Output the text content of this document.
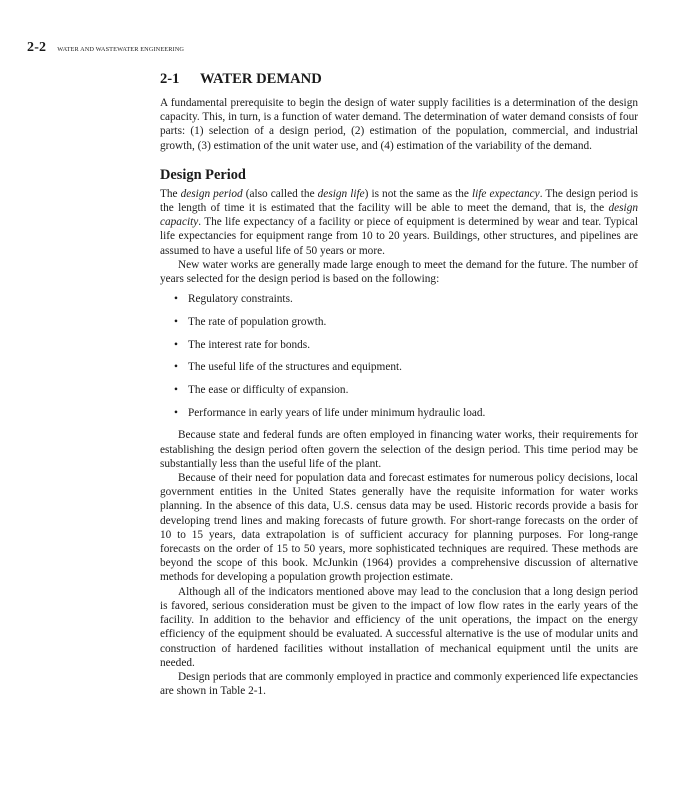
2-2 WATER AND WASTEWATER ENGINEERING
2-1 WATER DEMAND

A fundamental prerequisite to begin the design of water supply facilities is a determination of the design capacity. This, in turn, is a function of water demand. The determination of water demand consists of four parts: (1) selection of a design period, (2) estimation of the population, commercial, and industrial growth, (3) estimation of the unit water use, and (4) estimation of the variability of the demand.

Design Period

The design period (also called the design life) is not the same as the life expectancy. The design period is the length of time it is estimated that the facility will be able to meet the demand, that is, the design capacity. The life expectancy of a facility or piece of equipment is determined by wear and tear. Typical life expectancies for equipment range from 10 to 20 years. Buildings, other structures, and pipelines are assumed to have a useful life of 50 years or more.

New water works are generally made large enough to meet the demand for the future. The number of years selected for the design period is based on the following:

• Regulatory constraints.
• The rate of population growth.
• The interest rate for bonds.
• The useful life of the structures and equipment.
• The ease or difficulty of expansion.
• Performance in early years of life under minimum hydraulic load.

Because state and federal funds are often employed in financing water works, their requirements for establishing the design period often govern the selection of the design period. This time period may be substantially less than the useful life of the plant.

Because of their need for population data and forecast estimates for numerous policy decisions, local government entities in the United States generally have the requisite information for water works planning. In the absence of this data, U.S. census data may be used. Historic records provide a basis for developing trend lines and making forecasts of future growth. For short-range forecasts on the order of 10 to 15 years, data extrapolation is of sufficient accuracy for planning purposes. For long-range forecasts on the order of 15 to 50 years, more sophisticated techniques are required. These methods are beyond the scope of this book. McJunkin (1964) provides a comprehensive discussion of alternative methods for developing a population growth projection estimate.

Although all of the indicators mentioned above may lead to the conclusion that a long design period is favored, serious consideration must be given to the impact of low flow rates in the early years of the facility. In addition to the behavior and efficiency of the unit operations, the impact on the energy efficiency of the equipment should be evaluated. A successful alternative is the use of modular units and construction of hardened facilities without installation of mechanical equipment until the units are needed.

Design periods that are commonly employed in practice and commonly experienced life expectancies are shown in Table 2-1.
